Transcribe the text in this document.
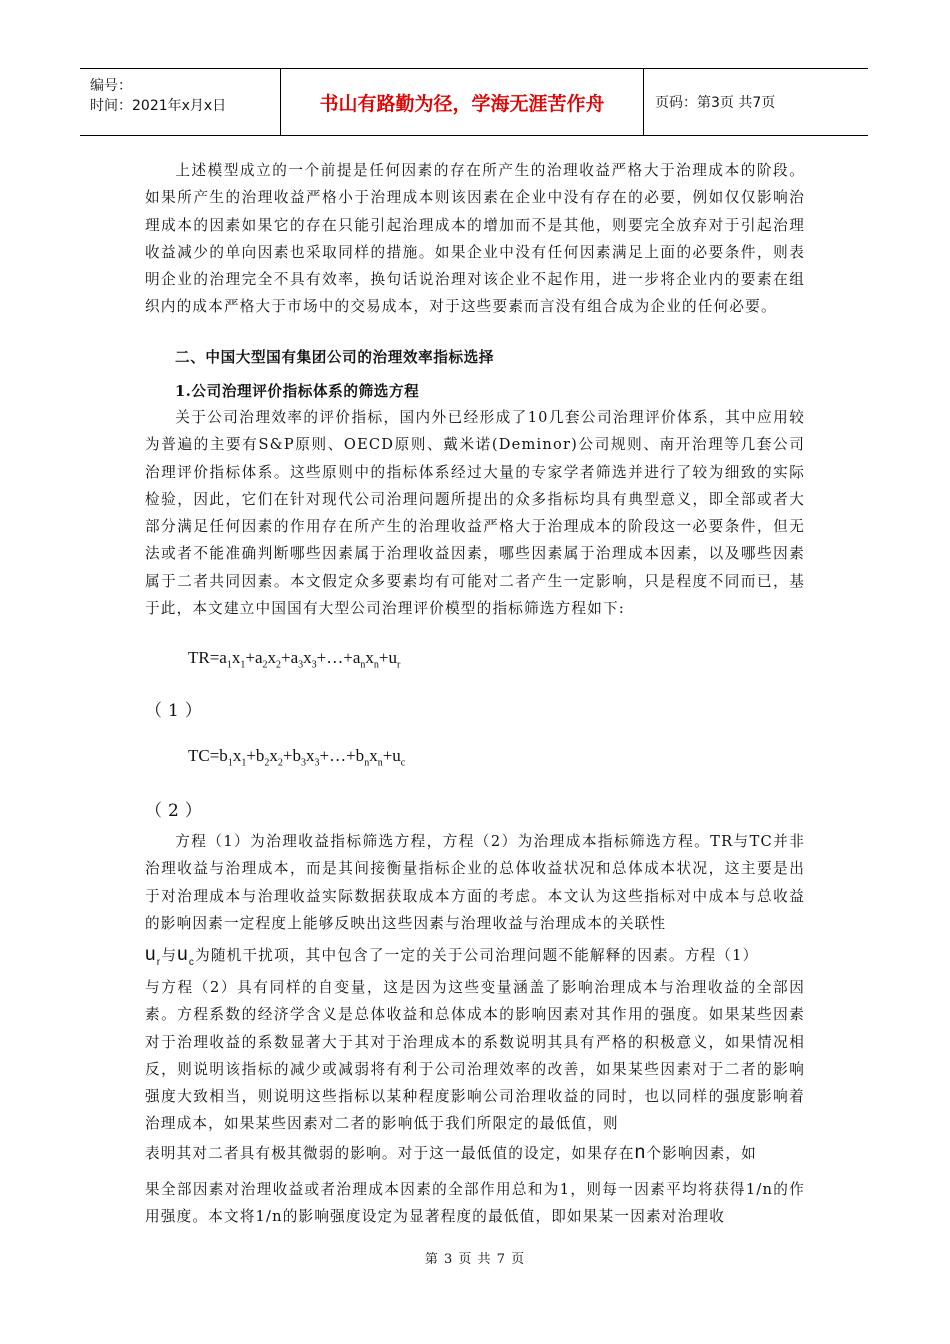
编号：
时间：2021年x月x日	书山有路勤为径，学海无涯苦作舟	页码：第3页 共7页

上述模型成立的一个前提是任何因素的存在所产生的治理收益严格大于治理成本的阶段。如果所产生的治理收益严格小于治理成本则该因素在企业中没有存在的必要，例如仅仅影响治理成本的因素如果它的存在只能引起治理成本的增加而不是其他，则要完全放弃对于引起治理收益减少的单向因素也采取同样的措施。如果企业中没有任何因素满足上面的必要条件，则表明企业的治理完全不具有效率，换句话说治理对该企业不起作用，进一步将企业内的要素在组织内的成本严格大于市场中的交易成本，对于这些要素而言没有组合成为企业的任何必要。

二、中国大型国有集团公司的治理效率指标选择
1.公司治理评价指标体系的筛选方程

关于公司治理效率的评价指标，国内外已经形成了10几套公司治理评价体系，其中应用较为普遍的主要有S&P原则、OECD原则、戴米诺(Deminor)公司规则、南开治理等几套公司治理评价指标体系。这些原则中的指标体系经过大量的专家学者筛选并进行了较为细致的实际检验，因此，它们在针对现代公司治理问题所提出的众多指标均具有典型意义，即全部或者大部分满足任何因素的作用存在所产生的治理收益严格大于治理成本的阶段这一必要条件，但无法或者不能准确判断哪些因素属于治理收益因素，哪些因素属于治理成本因素，以及哪些因素属于二者共同因素。本文假定众多要素均有可能对二者产生一定影响，只是程度不同而已，基于此，本文建立中国国有大型公司治理评价模型的指标筛选方程如下:

$TR=a_1x_1+a_2x_2+a_3x_3+\dots+a_nx_n+u_r$
（1）
$TC=b_1x_1+b_2x_2+b_3x_3+\dots+b_nx_n+u_c$
（2）

方程（1）为治理收益指标筛选方程，方程（2）为治理成本指标筛选方程。TR与TC并非治理收益与治理成本，而是其间接衡量指标企业的总体收益状况和总体成本状况，这主要是出于对治理成本与治理收益实际数据获取成本方面的考虑。本文认为这些指标对中成本与总收益的影响因素一定程度上能够反映出这些因素与治理收益与治理成本的关联性

$u_r$与$u_c$为随机干扰项，其中包含了一定的关于公司治理问题不能解释的因素。方程（1）

与方程（2）具有同样的自变量，这是因为这些变量涵盖了影响治理成本与治理收益的全部因素。方程系数的经济学含义是总体收益和总体成本的影响因素对其作用的强度。如果某些因素对于治理收益的系数显著大于其对于治理成本的系数说明其具有严格的积极意义，如果情况相反，则说明该指标的减少或减弱将有利于公司治理效率的改善，如果某些因素对于二者的影响强度大致相当，则说明这些指标以某种程度影响公司治理收益的同时，也以同样的强度影响着治理成本，如果某些因素对二者的影响低于我们所限定的最低值，则

表明其对二者具有极其微弱的影响。对于这一最低值的设定，如果存在n个影响因素，如

果全部因素对治理收益或者治理成本因素的全部作用总和为1，则每一因素平均将获得1/n的作用强度。本文将1/n的影响强度设定为显著程度的最低值，即如果某一因素对治理收

第 3 页 共 7 页
